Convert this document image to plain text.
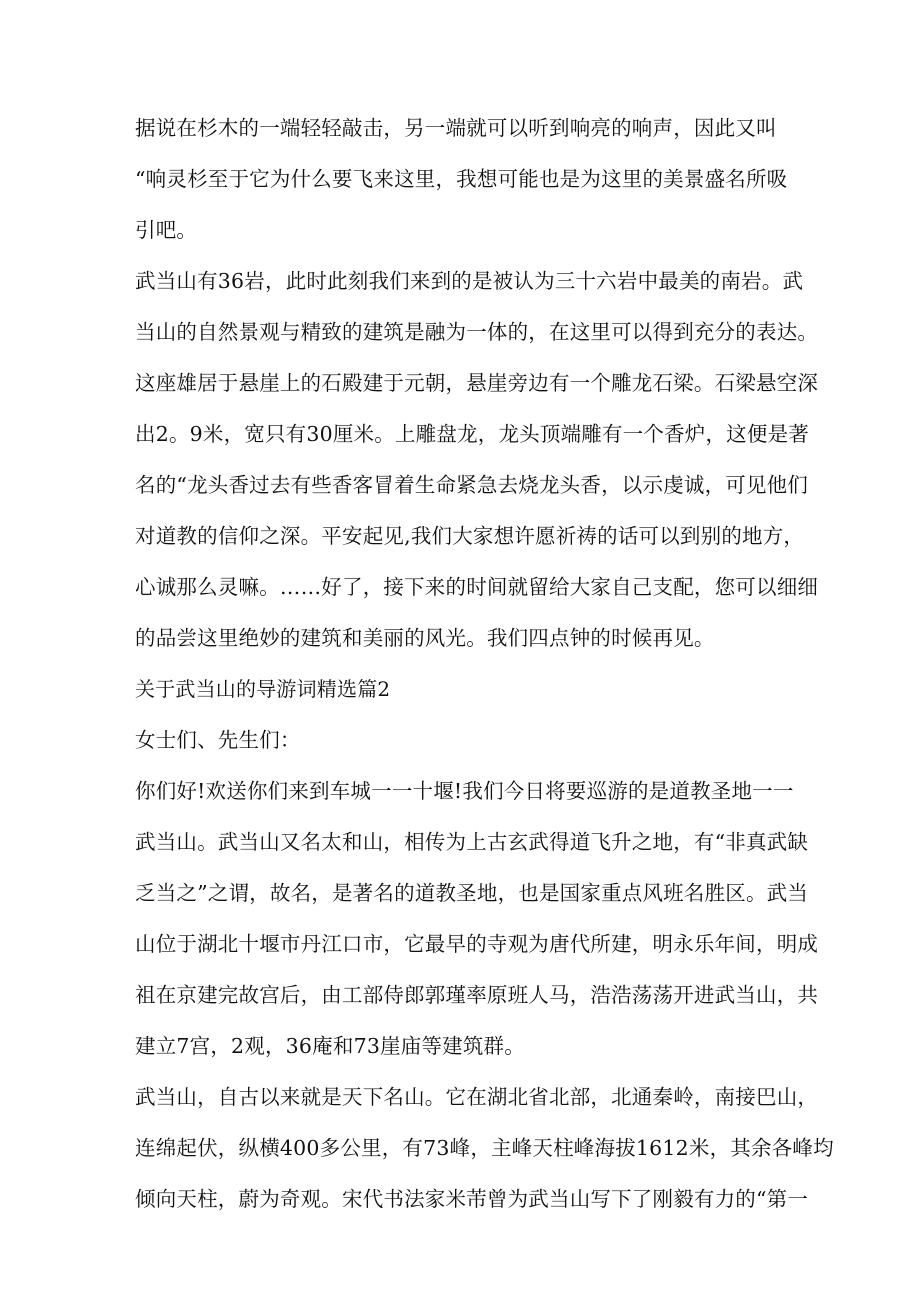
据说在杉木的一端轻轻敲击，另一端就可以听到响亮的响声，因此又叫
“响灵杉至于它为什么要飞来这里，我想可能也是为这里的美景盛名所吸
引吧。
武当山有36岩，此时此刻我们来到的是被认为三十六岩中最美的南岩。武
当山的自然景观与精致的建筑是融为一体的，在这里可以得到充分的表达。
这座雄居于悬崖上的石殿建于元朝，悬崖旁边有一个雕龙石梁。石梁悬空深
出2。9米，宽只有30厘米。上雕盘龙，龙头顶端雕有一个香炉，这便是著
名的“龙头香过去有些香客冒着生命紧急去烧龙头香，以示虔诚，可见他们
对道教的信仰之深。平安起见,我们大家想许愿祈祷的话可以到别的地方，
心诚那么灵嘛。……好了，接下来的时间就留给大家自己支配，您可以细细
的品尝这里绝妙的建筑和美丽的风光。我们四点钟的时候再见。
关于武当山的导游词精选篇2
女士们、先生们：
你们好!欢送你们来到车城一一十堰!我们今日将要巡游的是道教圣地一一
武当山。武当山又名太和山，相传为上古玄武得道飞升之地，有“非真武缺
乏当之”之谓，故名，是著名的道教圣地，也是国家重点风班名胜区。武当
山位于湖北十堰市丹江口市，它最早的寺观为唐代所建，明永乐年间，明成
祖在京建完故宫后，由工部侍郎郭瑾率原班人马，浩浩荡荡开进武当山，共
建立7宫，2观，36庵和73崖庙等建筑群。
武当山，自古以来就是天下名山。它在湖北省北部，北通秦岭，南接巴山，
连绵起伏，纵横400多公里，有73峰，主峰天柱峰海拔1612米，其余各峰均
倾向天柱，蔚为奇观。宋代书法家米芾曾为武当山写下了刚毅有力的“第一
